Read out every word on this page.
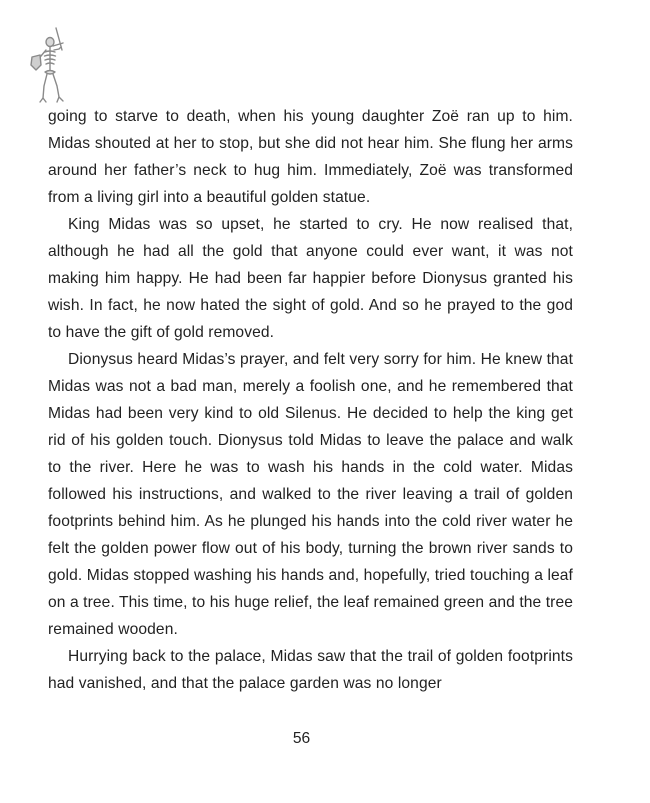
going to starve to death, when his young daughter Zoë ran up to him. Midas shouted at her to stop, but she did not hear him. She flung her arms around her father’s neck to hug him. Immediately, Zoë was transformed from a living girl into a beautiful golden statue.

King Midas was so upset, he started to cry. He now realised that, although he had all the gold that anyone could ever want, it was not making him happy. He had been far happier before Dionysus granted his wish. In fact, he now hated the sight of gold. And so he prayed to the god to have the gift of gold removed.

Dionysus heard Midas’s prayer, and felt very sorry for him. He knew that Midas was not a bad man, merely a foolish one, and he remembered that Midas had been very kind to old Silenus. He decided to help the king get rid of his golden touch. Dionysus told Midas to leave the palace and walk to the river. Here he was to wash his hands in the cold water. Midas followed his instructions, and walked to the river leaving a trail of golden footprints behind him. As he plunged his hands into the cold river water he felt the golden power flow out of his body, turning the brown river sands to gold. Midas stopped washing his hands and, hopefully, tried touching a leaf on a tree. This time, to his huge relief, the leaf remained green and the tree remained wooden.

Hurrying back to the palace, Midas saw that the trail of golden footprints had vanished, and that the palace garden was no longer

56
